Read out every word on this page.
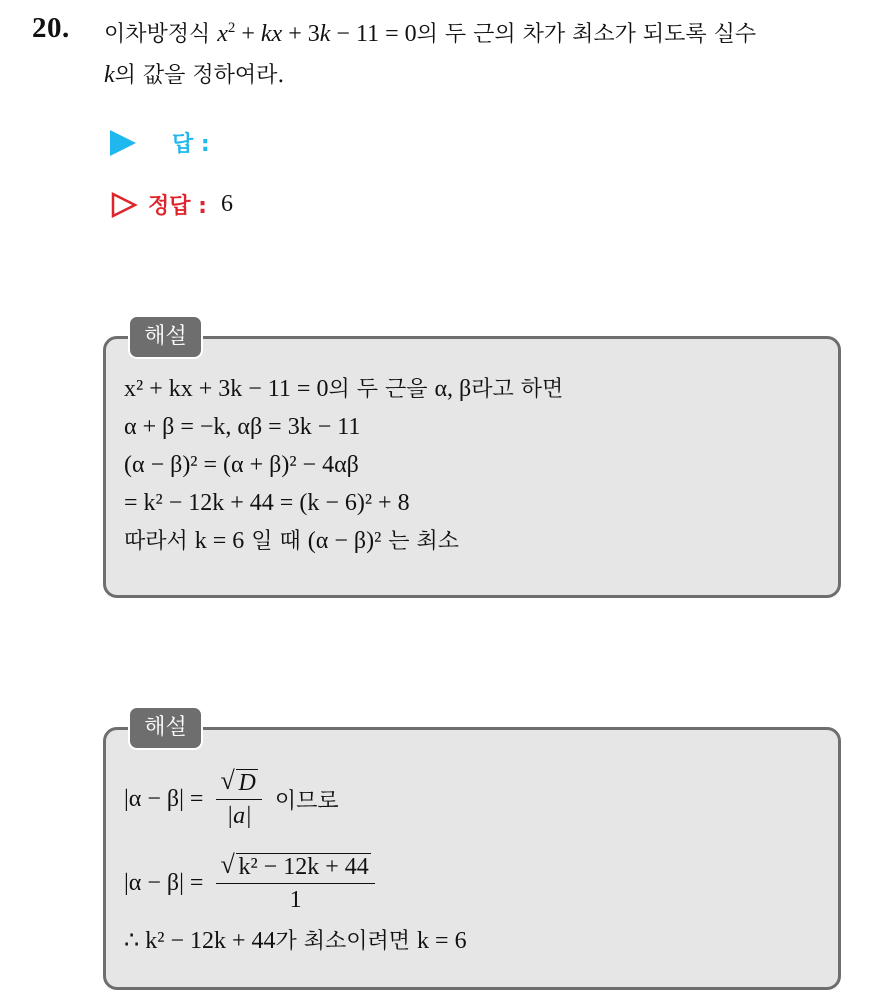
20. 이차방정식 $x^2$ + kx + 3k − 11 = 0의 두 근의 차가 최소가 되도록 실수
k의 값을 정하여라.
답 :
정답 : 6
해설
x² + kx + 3k − 11 = 0의 두 근을 α, β라고 하면
α + β = −k, αβ = 3k − 11
(α − β)² = (α + β)² − 4αβ
= k² − 12k + 44 = (k − 6)² + 8
따라서 k = 6 일 때 (α − β)² 는 최소
해설
|α − β| = √ $\frac{D}{|a|}$ 이므로
|α − β| = √ $\frac{\text{k² − 12k + 44}}{1}$
∴ k² − 12k + 44가 최소이려면 k = 6
